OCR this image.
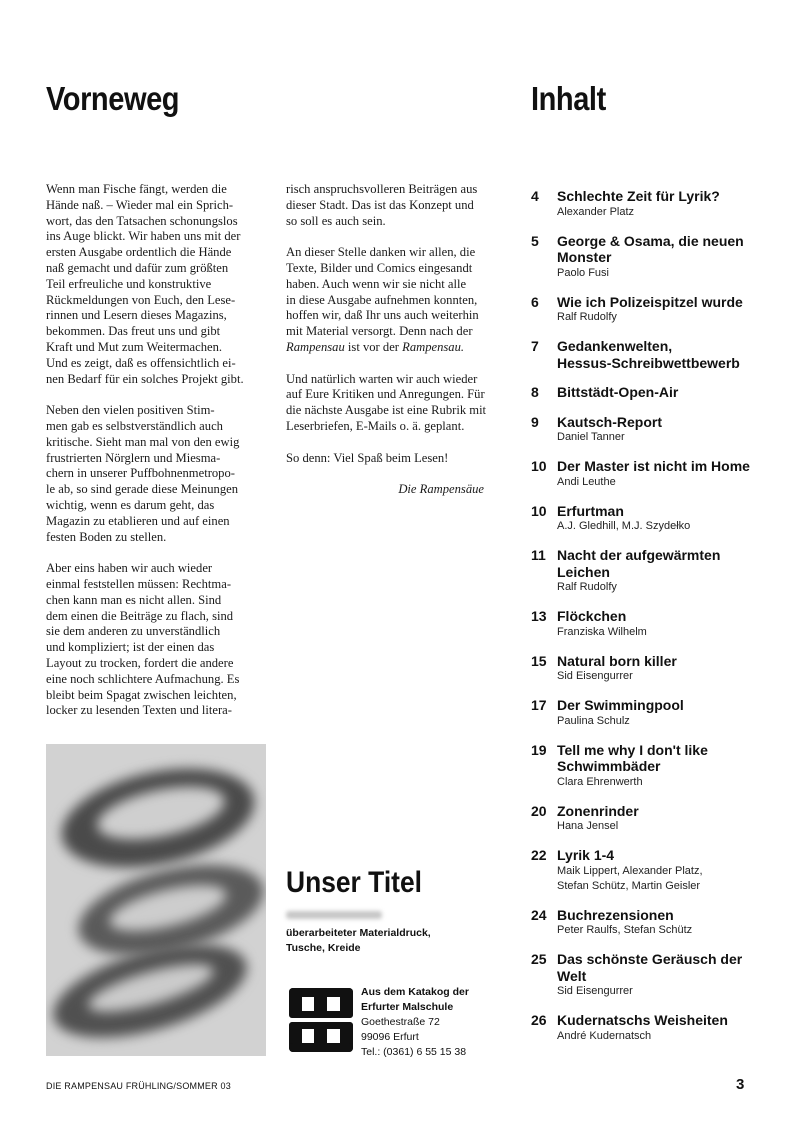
Vorneweg	Inhalt

Wenn man Fische fängt, werden die
Hände naß. – Wieder mal ein Sprich-
wort, das den Tatsachen schonungslos
ins Auge blickt. Wir haben uns mit der
ersten Ausgabe ordentlich die Hände
naß gemacht und dafür zum größten
Teil erfreuliche und konstruktive
Rückmeldungen von Euch, den Lese-
rinnen und Lesern dieses Magazins,
bekommen. Das freut uns und gibt
Kraft und Mut zum Weitermachen.
Und es zeigt, daß es offensichtlich ei-
nen Bedarf für ein solches Projekt gibt.

Neben den vielen positiven Stim-
men gab es selbstverständlich auch
kritische. Sieht man mal von den ewig
frustrierten Nörglern und Miesma-
chern in unserer Puffbohnenmetropo-
le ab, so sind gerade diese Meinungen
wichtig, wenn es darum geht, das
Magazin zu etablieren und auf einen
festen Boden zu stellen.

Aber eins haben wir auch wieder
einmal feststellen müssen: Rechtma-
chen kann man es nicht allen. Sind
dem einen die Beiträge zu flach, sind
sie dem anderen zu unverständlich
und kompliziert; ist der einen das
Layout zu trocken, fordert die andere
eine noch schlichtere Aufmachung. Es
bleibt beim Spagat zwischen leichten,
locker zu lesenden Texten und litera-

risch anspruchsvolleren Beiträgen aus
dieser Stadt. Das ist das Konzept und
so soll es auch sein.

An dieser Stelle danken wir allen, die
Texte, Bilder und Comics eingesandt
haben. Auch wenn wir sie nicht alle
in diese Ausgabe aufnehmen konnten,
hoffen wir, daß Ihr uns auch weiterhin
mit Material versorgt. Denn nach der

Rampensau ist vor der Rampensau.

Und natürlich warten wir auch wieder
auf Eure Kritiken und Anregungen. Für
die nächste Ausgabe ist eine Rubrik mit
Leserbriefen, E-Mails o. ä. geplant.

So denn: Viel Spaß beim Lesen!

Die Rampensäue

4	Schlechte Zeit für Lyrik?
Alexander Platz
5	George & Osama, die neuen
Monster
Paolo Fusi
6	Wie ich Polizeispitzel wurde
Ralf Rudolfy
7	Gedankenwelten,
Hessus-Schreibwettbewerb
8	Bittstädt-Open-Air
9	Kautsch-Report
Daniel Tanner
10 Der Master ist nicht im Home
Andi Leuthe
10 Erfurtman
A.J. Gledhill, M.J. Szydełko
11 Nacht der aufgewärmten
Leichen
Ralf Rudolfy
13 Flöckchen
Franziska Wilhelm
15 Natural born killer
Sid Eisengurrer
17 Der Swimmingpool
Paulina Schulz
19 Tell me why I don't like
Schwimmbäder
Clara Ehrenwerth
20 Zonenrinder
Hana Jensel
22 Lyrik 1-4
Maik Lippert, Alexander Platz,
Stefan Schütz, Martin Geisler
24 Buchrezensionen
Peter Raulfs, Stefan Schütz
25 Das schönste Geräusch der
Welt
Sid Eisengurrer
26 Kudernatschs Weisheiten
André Kudernatsch
Unser Titel
überarbeiteter Materialdruck,
Tusche, Kreide
Aus dem Katakog der
Erfurter Malschule
Goethestraße 72
99096 Erfurt
Tel.: (0361) 6 55 15 38
DIE RAMPENSAU FRÜHLING/SOMMER 03	3
